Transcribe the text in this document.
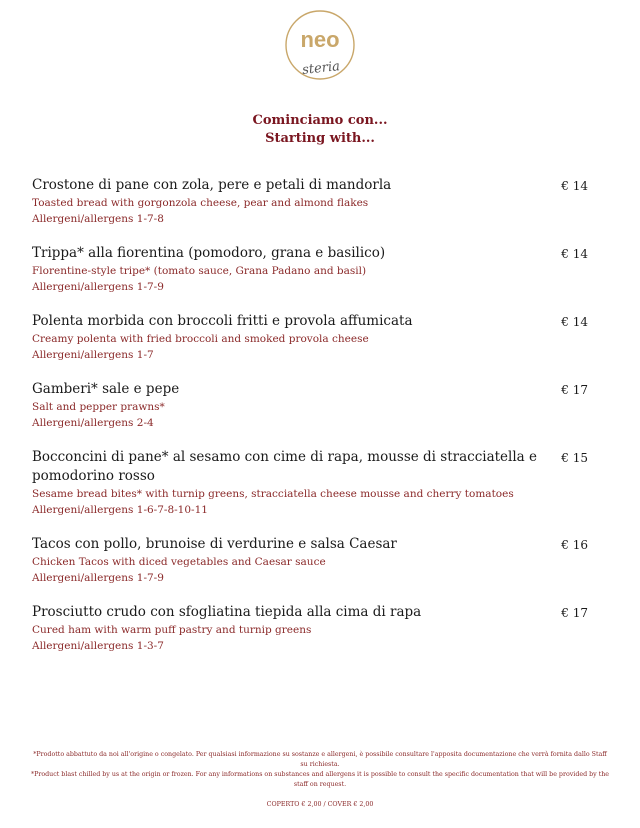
neo
steria
Cominciamo con...
Starting with...
Crostone di pane con zola, pere e petali di mandorla
Toasted bread with gorgonzola cheese, pear and almond flakes
Allergeni/allergens 1-7-8
€ 14
Trippa* alla fiorentina (pomodoro, grana e basilico)
Florentine-style tripe* (tomato sauce, Grana Padano and basil)
Allergeni/allergens 1-7-9
€ 14
Polenta morbida con broccoli fritti e provola affumicata
Creamy polenta with fried broccoli and smoked provola cheese
Allergeni/allergens 1-7
€ 14
Gamberi* sale e pepe
Salt and pepper prawns*
Allergeni/allergens 2-4
€ 17
Bocconcini di pane* al sesamo con cime di rapa, mousse di stracciatella e pomodorino rosso
Sesame bread bites* with turnip greens, stracciatella cheese mousse and cherry tomatoes
Allergeni/allergens 1-6-7-8-10-11
€ 15
Tacos con pollo, brunoise di verdurine e salsa Caesar
Chicken Tacos with diced vegetables and Caesar sauce
Allergeni/allergens 1-7-9
€ 16
Prosciutto crudo con sfogliatina tiepida alla cima di rapa
Cured ham with warm puff pastry and turnip greens
Allergeni/allergens 1-3-7
€ 17
*Prodotto abbattuto da noi all'origine o congelato. Per qualsiasi informazione su sostanze e allergeni, è possibile consultare l'apposita documentazione che verrà fornita dallo Staff su richiesta.
*Product blast chilled by us at the origin or frozen. For any informations on substances and allergens it is possible to consult the specific documentation that will be provided by the staff on request.
COPERTO € 2,00 / COVER € 2,00
